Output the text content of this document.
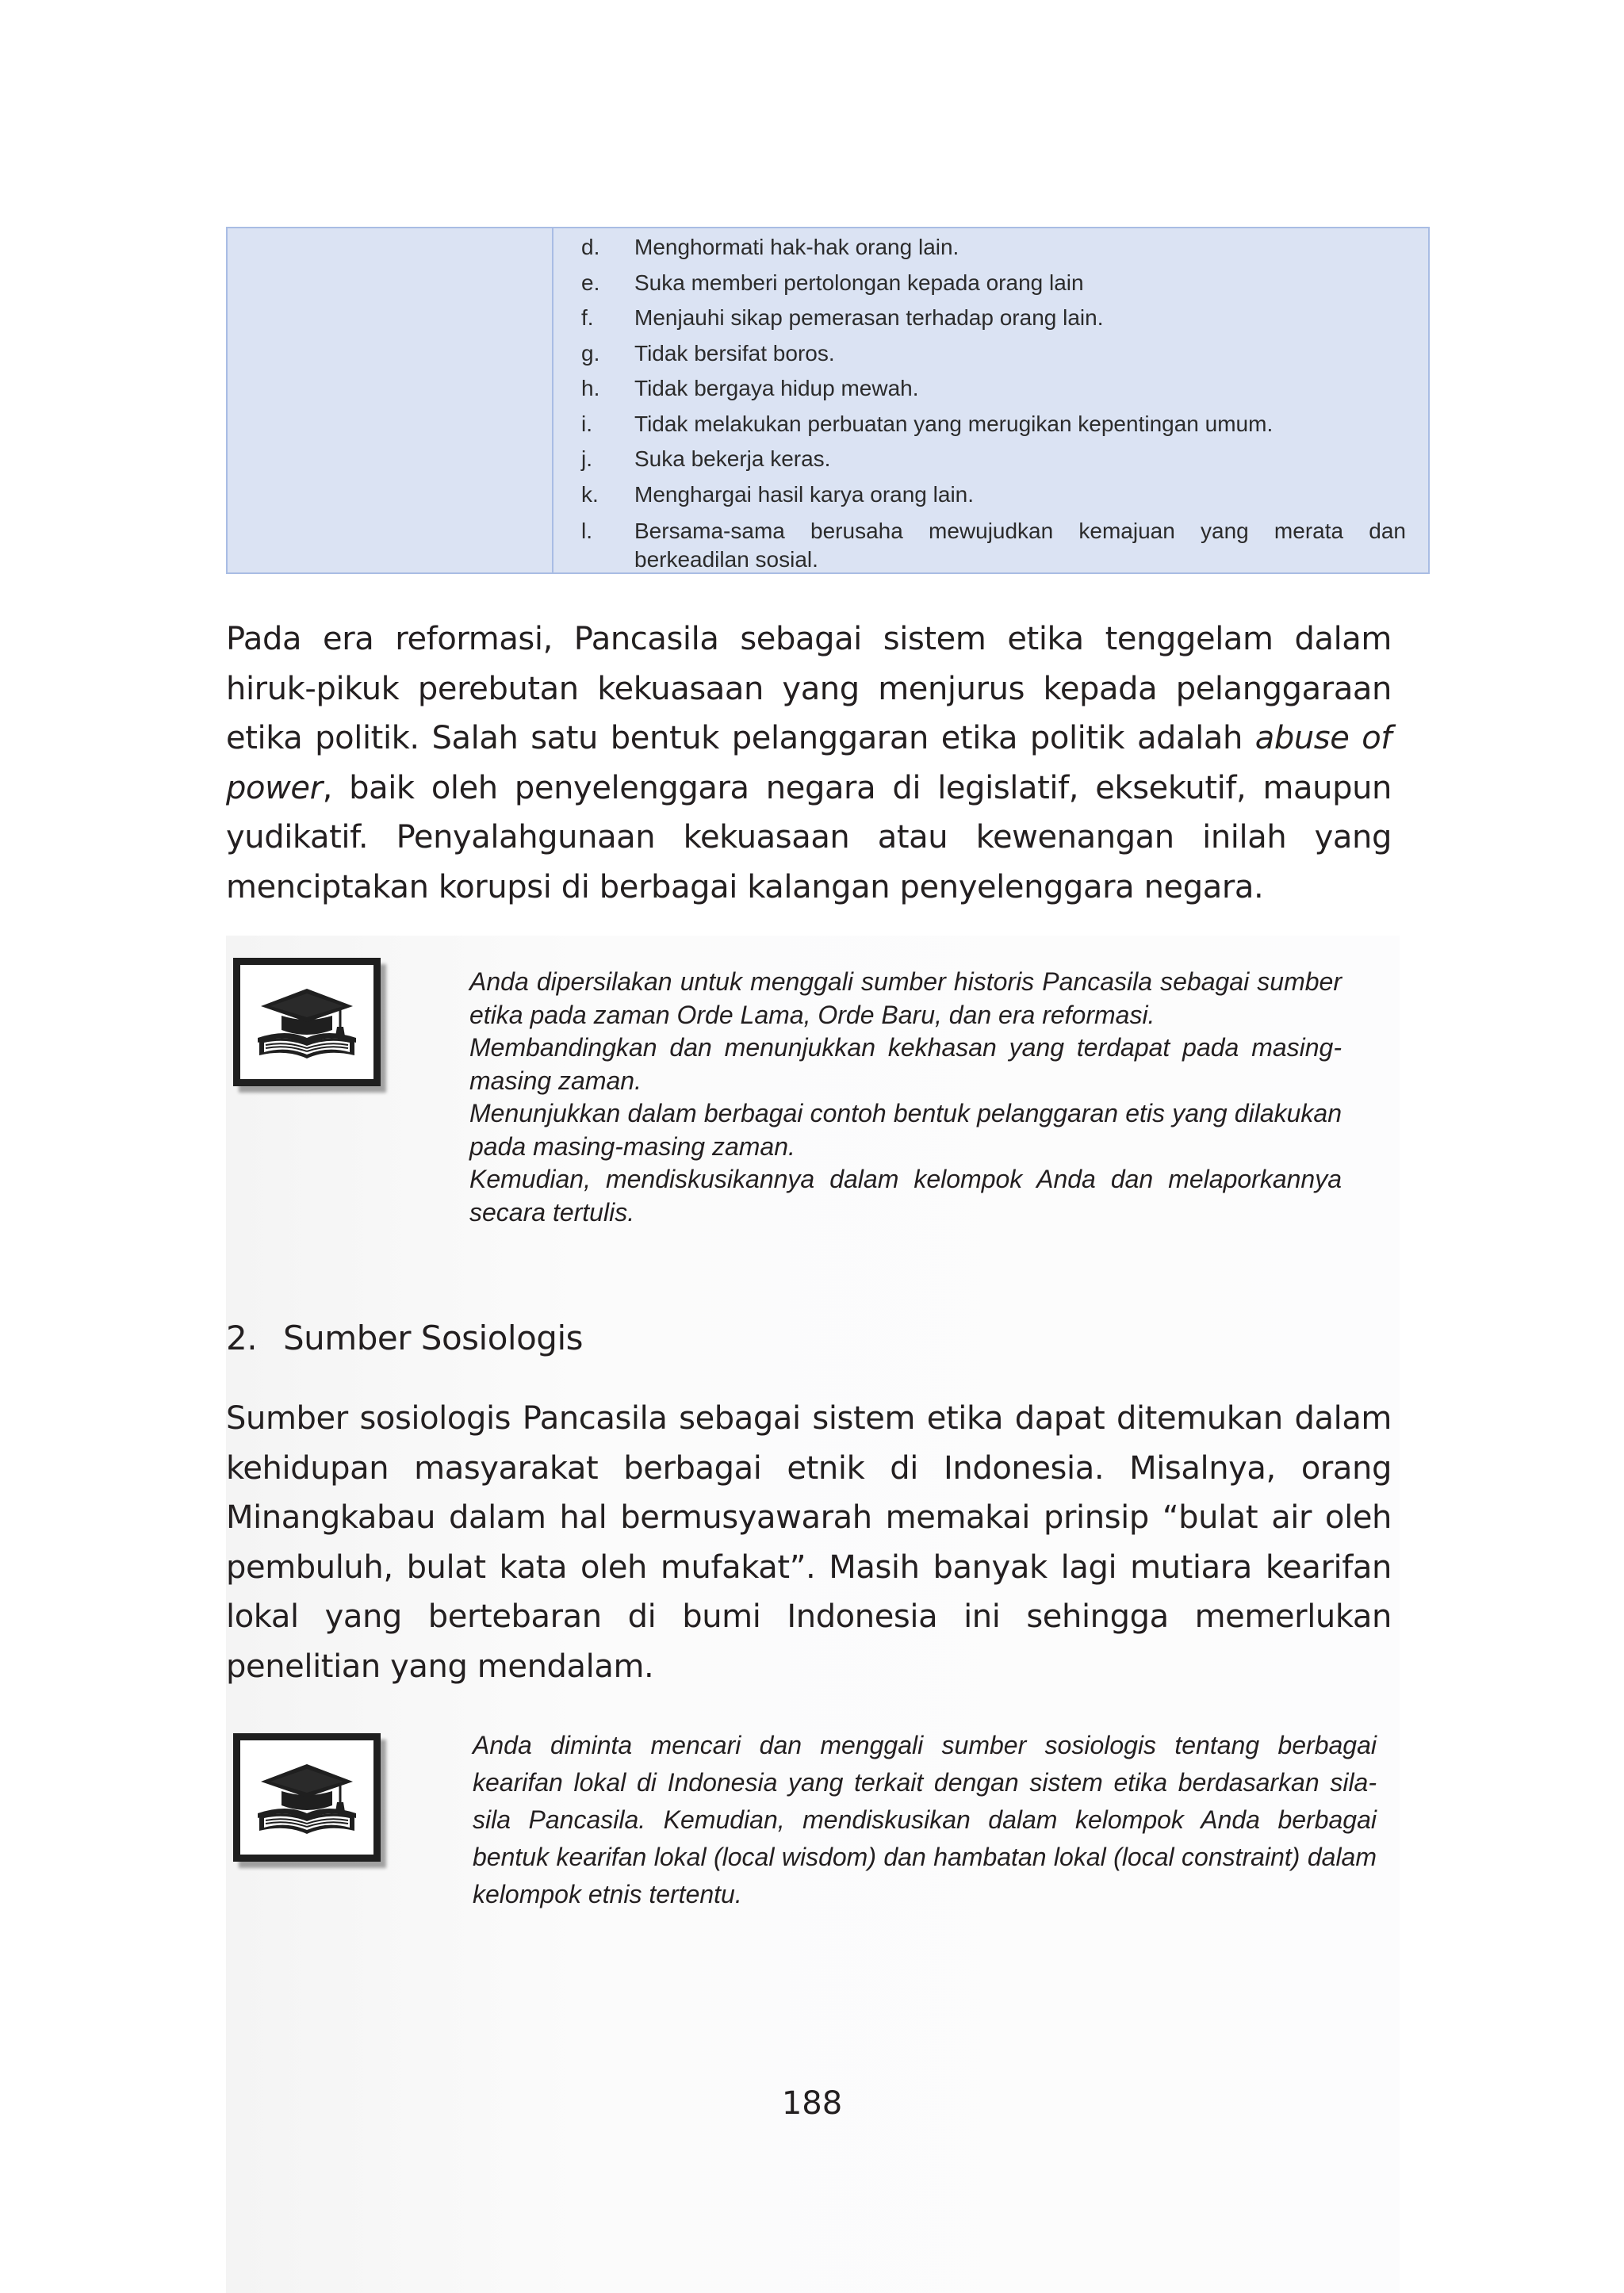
d.	Menghormati hak-hak orang lain.
e.	Suka memberi pertolongan kepada orang lain
f.	Menjauhi sikap pemerasan terhadap orang lain.
g.	Tidak bersifat boros.
h.	Tidak bergaya hidup mewah.
i.	Tidak melakukan perbuatan yang merugikan kepentingan umum.
j.	Suka bekerja keras.
k.	Menghargai hasil karya orang lain.
l.	Bersama-sama berusaha mewujudkan kemajuan yang merata dan berkeadilan sosial.

Pada era reformasi, Pancasila sebagai sistem etika tenggelam dalam hiruk-pikuk perebutan kekuasaan yang menjurus kepada pelanggaraan etika politik. Salah satu bentuk pelanggaran etika politik adalah abuse of power, baik oleh penyelenggara negara di legislatif, eksekutif, maupun yudikatif. Penyalahgunaan kekuasaan atau kewenangan inilah yang menciptakan korupsi di berbagai kalangan penyelenggara negara.

Anda dipersilakan untuk menggali sumber historis Pancasila sebagai sumber etika pada zaman Orde Lama, Orde Baru, dan era reformasi.

Membandingkan dan menunjukkan kekhasan yang terdapat pada masing-masing zaman.

Menunjukkan dalam berbagai contoh bentuk pelanggaran etis yang dilakukan pada masing-masing zaman.

Kemudian, mendiskusikannya dalam kelompok Anda dan melaporkannya secara tertulis.

2. Sumber Sosiologis

Sumber sosiologis Pancasila sebagai sistem etika dapat ditemukan dalam kehidupan masyarakat berbagai etnik di Indonesia. Misalnya, orang Minangkabau dalam hal bermusyawarah memakai prinsip “bulat air oleh pembuluh, bulat kata oleh mufakat”. Masih banyak lagi mutiara kearifan lokal yang bertebaran di bumi Indonesia ini sehingga memerlukan penelitian yang mendalam.

Anda diminta mencari dan menggali sumber sosiologis tentang berbagai kearifan lokal di Indonesia yang terkait dengan sistem etika berdasarkan sila-sila Pancasila. Kemudian, mendiskusikan dalam kelompok Anda berbagai bentuk kearifan lokal (local wisdom) dan hambatan lokal (local constraint) dalam kelompok etnis tertentu.

188
